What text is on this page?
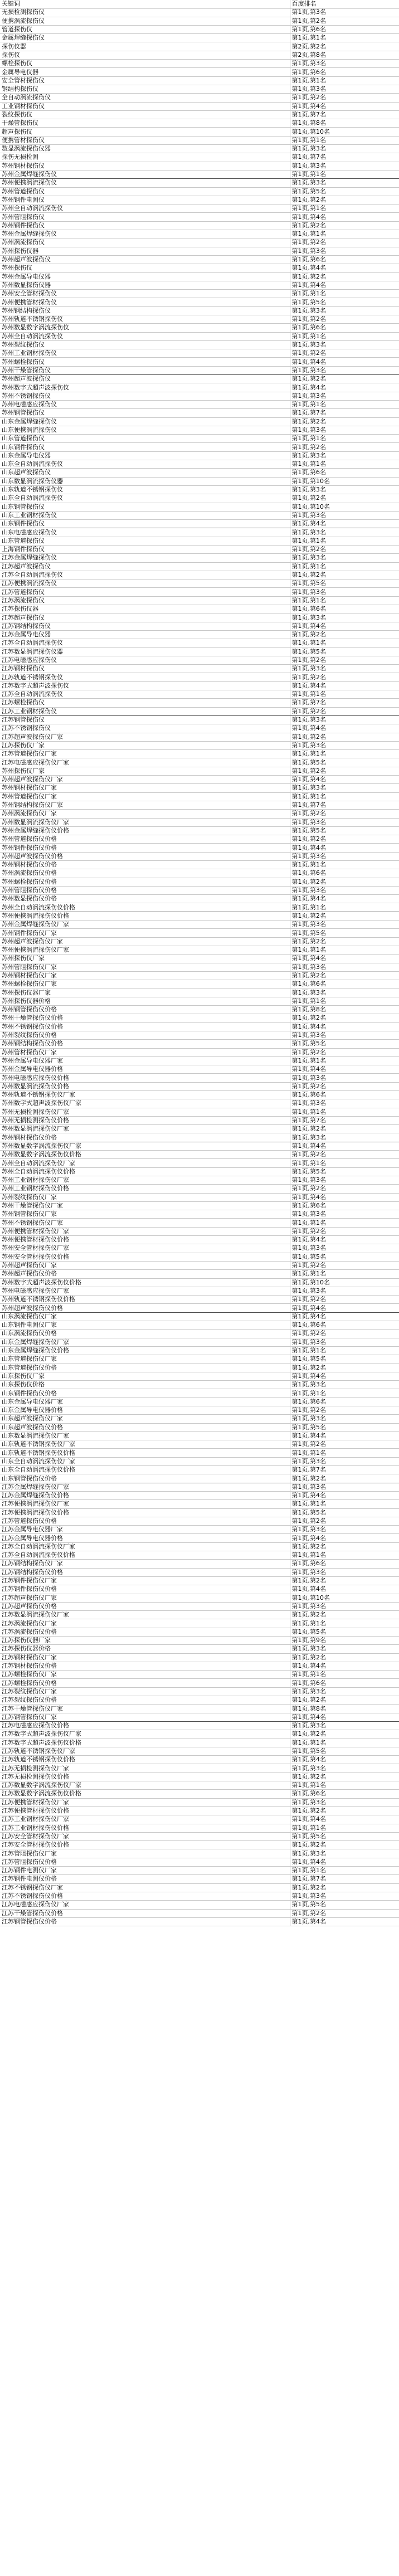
关键词	百度排名
无损检测探伤仪	第1页,第3名
便携涡流探伤仪	第1页,第2名
管道探伤仪	第1页,第6名
金属焊缝探伤仪	第1页,第1名
探伤仪器	第2页,第2名
探伤仪	第2页,第8名
螺栓探伤仪	第1页,第3名
金属导电仪器	第1页,第6名
安全管材探伤仪	第1页,第1名
钢结构探伤仪	第1页,第3名
全自动涡流探伤仪	第1页,第2名
工业钢材探伤仪	第1页,第4名
裂纹探伤仪	第1页,第7名
干燥管探伤仪	第1页,第8名
超声探伤仪	第1页,第10名
便携管材探伤仪	第1页,第1名
数显涡流探伤仪器	第1页,第3名
探伤无损检测	第1页,第7名
苏州钢材探伤仪	第1页,第3名
苏州金属焊缝探伤仪	第1页,第1名
苏州便携涡流探伤仪	第1页,第3名
苏州管道探伤仪	第1页,第5名
苏州钢件电测仪	第1页,第2名
苏州全自动涡流探伤仪	第1页,第1名
苏州管阻探伤仪	第1页,第4名
苏州钢件探伤仪	第1页,第2名
苏州金属焊缝探伤仪	第1页,第1名
苏州涡流探伤仪	第1页,第2名
苏州探伤仪器	第1页,第3名
苏州超声波探伤仪	第1页,第6名
苏州探伤仪	第1页,第4名
苏州金属导电仪器	第1页,第2名
苏州数显探伤仪器	第1页,第4名
苏州安全管材探伤仪	第1页,第1名
苏州便携管材探伤仪	第1页,第5名
苏州钢结构探伤仪	第1页,第3名
苏州轨道不锈钢探伤仪	第1页,第2名
苏州数显数字涡流探伤仪	第1页,第6名
苏州全自动涡流探伤仪	第1页,第1名
苏州裂纹探伤仪	第1页,第3名
苏州工业钢材探伤仪	第1页,第2名
苏州螺栓探伤仪	第1页,第4名
苏州干燥管探伤仪	第1页,第3名
苏州超声波探伤仪	第1页,第2名
苏州数字式超声波探伤仪	第1页,第4名
苏州不锈钢探伤仪	第1页,第3名
苏州电磁感应探伤仪	第1页,第1名
苏州钢管探伤仪	第1页,第7名
山东金属焊缝探伤仪	第1页,第2名
山东便携涡流探伤仪	第1页,第3名
山东管道探伤仪	第1页,第1名
山东钢件探伤仪	第1页,第2名
山东金属导电仪器	第1页,第3名
山东全自动涡流探伤仪	第1页,第1名
山东超声波探伤仪	第1页,第6名
山东数显涡流探伤仪器	第1页,第10名
山东轨道不锈钢探伤仪	第1页,第3名
山东全自动涡流探伤仪	第1页,第2名
山东钢管探伤仪	第1页,第10名
山东工业钢材探伤仪	第1页,第3名
山东钢件探伤仪	第1页,第4名
山东电磁感应探伤仪	第1页,第3名
山东管道探伤仪	第1页,第1名
上海钢件探伤仪	第1页,第2名
江苏金属焊缝探伤仪	第1页,第3名
江苏超声波探伤仪	第1页,第1名
江苏全自动涡流探伤仪	第1页,第2名
江苏便携涡流探伤仪	第1页,第5名
江苏管道探伤仪	第1页,第3名
江苏涡流探伤仪	第1页,第1名
江苏探伤仪器	第1页,第6名
江苏超声探伤仪	第1页,第3名
江苏钢结构探伤仪	第1页,第4名
江苏金属导电仪器	第1页,第2名
江苏全自动涡流探伤仪	第1页,第1名
江苏数显涡流探伤仪器	第1页,第5名
江苏电磁感应探伤仪	第1页,第2名
江苏钢材探伤仪	第1页,第3名
江苏轨道不锈钢探伤仪	第1页,第2名
江苏数字式超声波探伤仪	第1页,第4名
江苏全自动涡流探伤仪	第1页,第1名
江苏螺栓探伤仪	第1页,第7名
江苏工业钢材探伤仪	第1页,第2名
江苏钢管探伤仪	第1页,第3名
江苏不锈钢探伤仪	第1页,第4名
江苏超声波探伤仪厂家	第1页,第2名
江苏探伤仪厂家	第1页,第3名
江苏管道探伤仪厂家	第1页,第1名
江苏电磁感应探伤仪厂家	第1页,第5名
苏州探伤仪厂家	第1页,第2名
苏州超声波探伤仪厂家	第1页,第4名
苏州钢材探伤仪厂家	第1页,第3名
苏州管道探伤仪厂家	第1页,第1名
苏州钢结构探伤仪厂家	第1页,第7名
苏州涡流探伤仪厂家	第1页,第2名
苏州数显涡流探伤仪厂家	第1页,第3名
苏州金属焊缝探伤仪价格	第1页,第5名
苏州管道探伤仪价格	第1页,第2名
苏州钢件探伤仪价格	第1页,第4名
苏州超声波探伤仪价格	第1页,第3名
苏州钢材探伤仪价格	第1页,第1名
苏州涡流探伤仪价格	第1页,第6名
苏州螺栓探伤仪价格	第1页,第2名
苏州管阻探伤仪价格	第1页,第3名
苏州数显探伤仪价格	第1页,第4名
苏州全自动涡流探伤仪价格	第1页,第1名
苏州便携涡流探伤仪价格	第1页,第2名
苏州金属焊缝探伤仪厂家	第1页,第3名
苏州钢件探伤仪厂家	第1页,第5名
苏州超声波探伤仪厂家	第1页,第2名
苏州便携涡流探伤仪厂家	第1页,第1名
苏州探伤仪厂家	第1页,第4名
苏州管阻探伤仪厂家	第1页,第3名
苏州钢材探伤仪厂家	第1页,第2名
苏州螺栓探伤仪厂家	第1页,第6名
苏州探伤仪器厂家	第1页,第3名
苏州探伤仪器价格	第1页,第1名
苏州钢管探伤仪价格	第1页,第8名
苏州干燥管探伤仪价格	第1页,第2名
苏州不锈钢探伤仪价格	第1页,第4名
苏州裂纹探伤仪价格	第1页,第3名
苏州钢结构探伤仪价格	第1页,第5名
苏州管材探伤仪厂家	第1页,第2名
苏州金属导电仪器厂家	第1页,第1名
苏州金属导电仪器价格	第1页,第4名
苏州电磁感应探伤仪价格	第1页,第3名
苏州数显涡流探伤仪价格	第1页,第2名
苏州轨道不锈钢探伤仪厂家	第1页,第6名
苏州数字式超声波探伤仪厂家	第1页,第3名
苏州无损检测探伤仪厂家	第1页,第1名
苏州无损检测探伤仪价格	第1页,第7名
苏州数显涡流探伤仪厂家	第1页,第2名
苏州钢材探伤仪价格	第1页,第3名
苏州数显数字涡流探伤仪厂家	第1页,第4名
苏州数显数字涡流探伤仪价格	第1页,第2名
苏州全自动涡流探伤仪厂家	第1页,第1名
苏州全自动涡流探伤仪价格	第1页,第5名
苏州工业钢材探伤仪厂家	第1页,第3名
苏州工业钢材探伤仪价格	第1页,第2名
苏州裂纹探伤仪厂家	第1页,第4名
苏州干燥管探伤仪厂家	第1页,第6名
苏州钢管探伤仪厂家	第1页,第3名
苏州不锈钢探伤仪厂家	第1页,第1名
苏州便携管材探伤仪厂家	第1页,第2名
苏州便携管材探伤仪价格	第1页,第4名
苏州安全管材探伤仪厂家	第1页,第3名
苏州安全管材探伤仪价格	第1页,第5名
苏州超声探伤仪厂家	第1页,第2名
苏州超声探伤仪价格	第1页,第1名
苏州数字式超声波探伤仪价格	第1页,第10名
苏州电磁感应探伤仪厂家	第1页,第3名
苏州轨道不锈钢探伤仪价格	第1页,第2名
苏州超声波探伤仪价格	第1页,第4名
山东涡流探伤仪厂家	第1页,第4名
山东钢件电测仪厂家	第1页,第6名
山东涡流探伤仪价格	第1页,第2名
山东金属焊缝探伤仪厂家	第1页,第3名
山东金属焊缝探伤仪价格	第1页,第1名
山东管道探伤仪厂家	第1页,第5名
山东管道探伤仪价格	第1页,第2名
山东探伤仪厂家	第1页,第4名
山东探伤仪价格	第1页,第3名
山东钢件探伤仪价格	第1页,第1名
山东金属导电仪器厂家	第1页,第6名
山东金属导电仪器价格	第1页,第2名
山东超声波探伤仪厂家	第1页,第3名
山东超声波探伤仪价格	第1页,第5名
山东数显涡流探伤仪厂家	第1页,第4名
山东轨道不锈钢探伤仪厂家	第1页,第2名
山东轨道不锈钢探伤仪价格	第1页,第1名
山东全自动涡流探伤仪厂家	第1页,第3名
山东全自动涡流探伤仪价格	第1页,第7名
山东钢管探伤仪价格	第1页,第2名
江苏金属焊缝探伤仪厂家	第1页,第3名
江苏金属焊缝探伤仪价格	第1页,第4名
江苏便携涡流探伤仪厂家	第1页,第1名
江苏便携涡流探伤仪价格	第1页,第5名
江苏管道探伤仪价格	第1页,第2名
江苏金属导电仪器厂家	第1页,第3名
江苏金属导电仪器价格	第1页,第4名
江苏全自动涡流探伤仪厂家	第1页,第2名
江苏全自动涡流探伤仪价格	第1页,第1名
江苏钢结构探伤仪厂家	第1页,第6名
江苏钢结构探伤仪价格	第1页,第3名
江苏钢件探伤仪厂家	第1页,第2名
江苏钢件探伤仪价格	第1页,第4名
江苏超声探伤仪厂家	第1页,第10名
江苏超声探伤仪价格	第1页,第3名
江苏数显涡流探伤仪厂家	第1页,第2名
江苏涡流探伤仪厂家	第1页,第1名
江苏涡流探伤仪价格	第1页,第5名
江苏探伤仪器厂家	第1页,第9名
江苏探伤仪器价格	第1页,第3名
江苏钢材探伤仪厂家	第1页,第2名
江苏钢材探伤仪价格	第1页,第4名
江苏螺栓探伤仪厂家	第1页,第1名
江苏螺栓探伤仪价格	第1页,第6名
江苏裂纹探伤仪厂家	第1页,第3名
江苏裂纹探伤仪价格	第1页,第2名
江苏干燥管探伤仪厂家	第1页,第8名
江苏钢管探伤仪厂家	第1页,第4名
江苏电磁感应探伤仪价格	第1页,第3名
江苏数字式超声波探伤仪厂家	第1页,第2名
江苏数字式超声波探伤仪价格	第1页,第1名
江苏轨道不锈钢探伤仪厂家	第1页,第5名
江苏轨道不锈钢探伤仪价格	第1页,第4名
江苏无损检测探伤仪厂家	第1页,第3名
江苏无损检测探伤仪价格	第1页,第2名
江苏数显数字涡流探伤仪厂家	第1页,第1名
江苏数显数字涡流探伤仪价格	第1页,第6名
江苏便携管材探伤仪厂家	第1页,第3名
江苏便携管材探伤仪价格	第1页,第2名
江苏工业钢材探伤仪厂家	第1页,第4名
江苏工业钢材探伤仪价格	第1页,第1名
江苏安全管材探伤仪厂家	第1页,第5名
江苏安全管材探伤仪价格	第1页,第2名
江苏管阻探伤仪厂家	第1页,第3名
江苏管阻探伤仪价格	第1页,第4名
江苏钢件电测仪厂家	第1页,第1名
江苏钢件电测仪价格	第1页,第7名
江苏不锈钢探伤仪厂家	第1页,第2名
江苏不锈钢探伤仪价格	第1页,第3名
江苏电磁感应探伤仪厂家	第1页,第5名
江苏干燥管探伤仪价格	第1页,第2名
江苏钢管探伤仪价格	第1页,第4名
